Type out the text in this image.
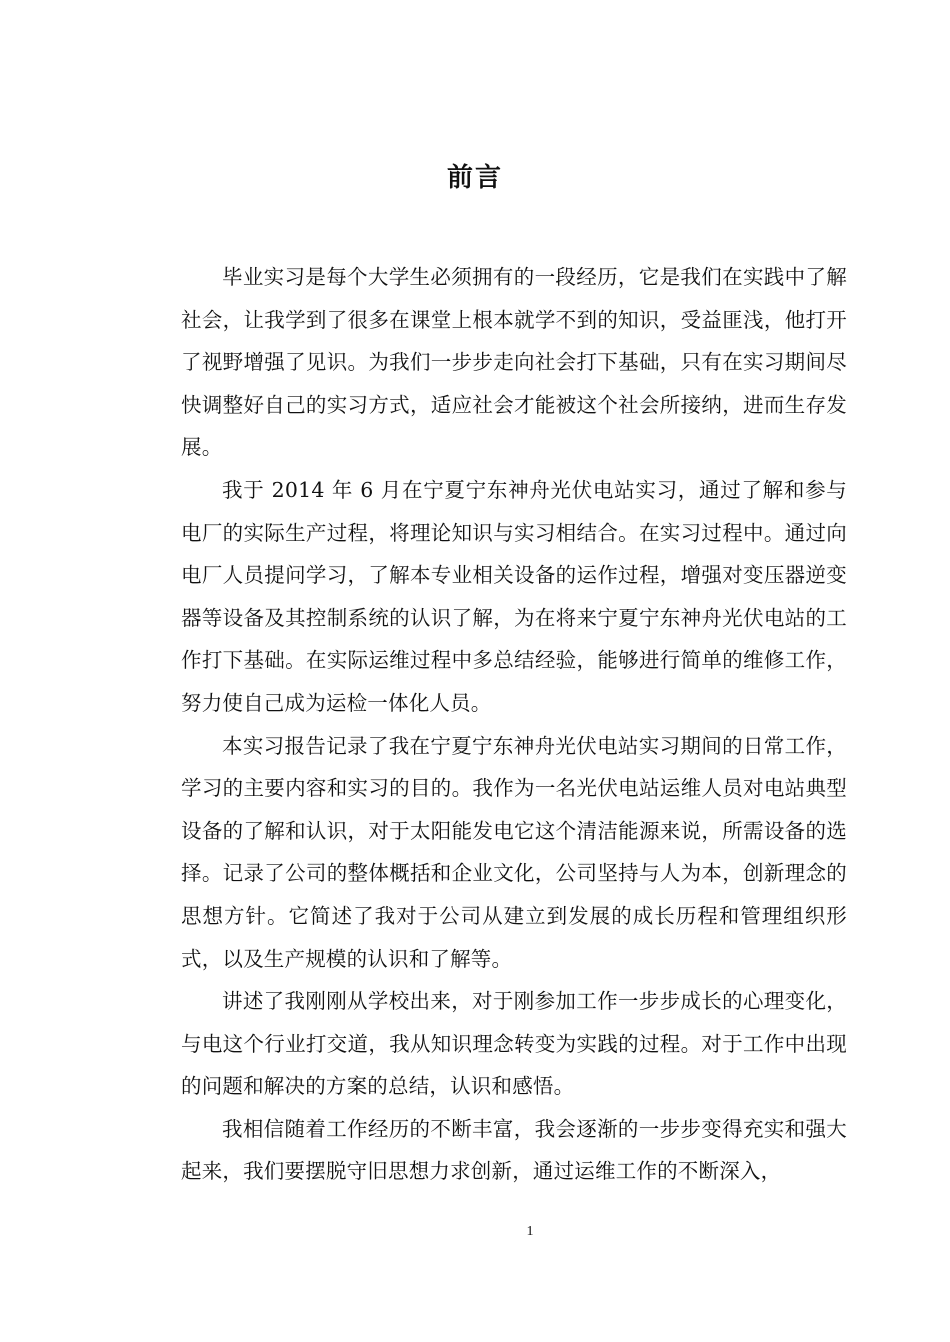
前言

毕业实习是每个大学生必须拥有的一段经历，它是我们在实践中了解社会，让我学到了很多在课堂上根本就学不到的知识，受益匪浅，他打开了视野增强了见识。为我们一步步走向社会打下基础，只有在实习期间尽快调整好自己的实习方式，适应社会才能被这个社会所接纳，进而生存发展。

我于 2014 年 6 月在宁夏宁东神舟光伏电站实习，通过了解和参与电厂的实际生产过程，将理论知识与实习相结合。在实习过程中。通过向电厂人员提问学习，了解本专业相关设备的运作过程，增强对变压器逆变器等设备及其控制系统的认识了解，为在将来宁夏宁东神舟光伏电站的工作打下基础。在实际运维过程中多总结经验，能够进行简单的维修工作，努力使自己成为运检一体化人员。

本实习报告记录了我在宁夏宁东神舟光伏电站实习期间的日常工作，学习的主要内容和实习的目的。我作为一名光伏电站运维人员对电站典型设备的了解和认识，对于太阳能发电它这个清洁能源来说，所需设备的选择。记录了公司的整体概括和企业文化，公司坚持与人为本，创新理念的思想方针。它简述了我对于公司从建立到发展的成长历程和管理组织形式，以及生产规模的认识和了解等。

讲述了我刚刚从学校出来，对于刚参加工作一步步成长的心理变化，与电这个行业打交道，我从知识理念转变为实践的过程。对于工作中出现的问题和解决的方案的总结，认识和感悟。

我相信随着工作经历的不断丰富，我会逐渐的一步步变得充实和强大起来，我们要摆脱守旧思想力求创新，通过运维工作的不断深入，

1
